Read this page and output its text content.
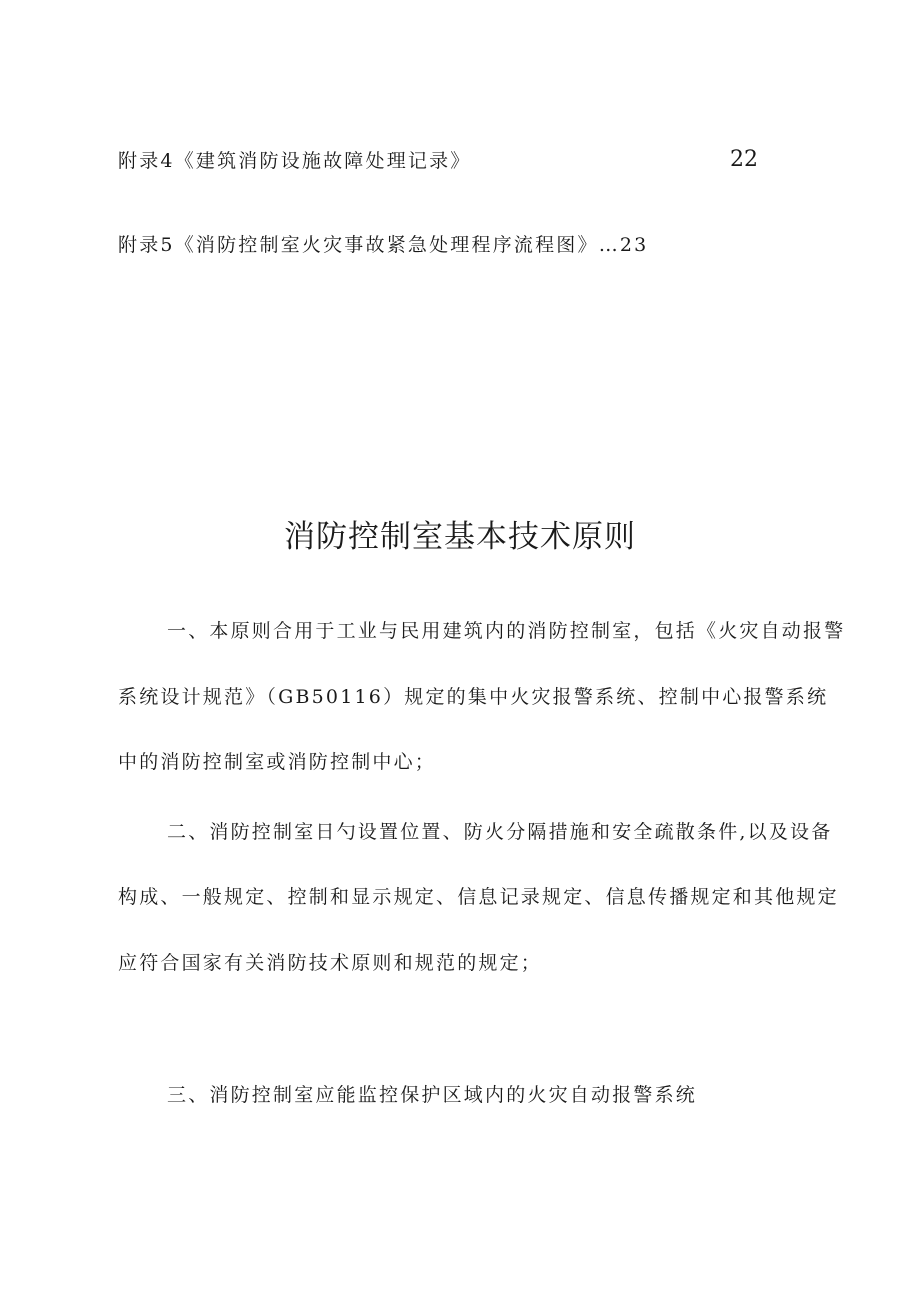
附录4《建筑消防设施故障处理记录》	22
附录5《消防控制室火灾事故紧急处理程序流程图》…23
消防控制室基本技术原则
一、本原则合用于工业与民用建筑内的消防控制室，包括《火灾自动报警
系统设计规范》（GB50116）规定的集中火灾报警系统、控制中心报警系统
中的消防控制室或消防控制中心；
二、消防控制室日勺设置位置、防火分隔措施和安全疏散条件,以及设备
构成、一般规定、控制和显示规定、信息记录规定、信息传播规定和其他规定
应符合国家有关消防技术原则和规范的规定；
三、消防控制室应能监控保护区域内的火灾自动报警系统
